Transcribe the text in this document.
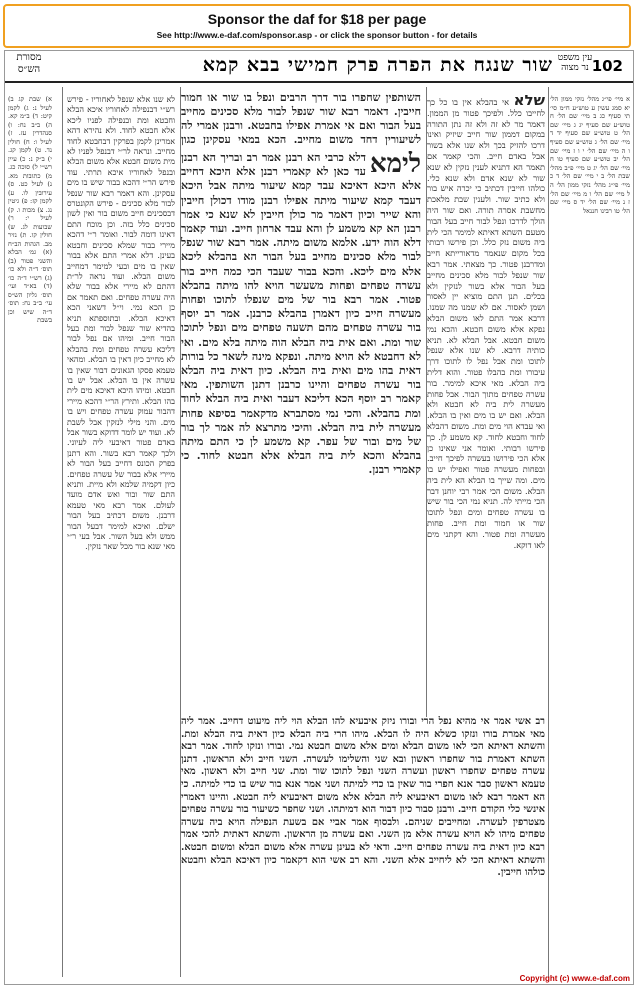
Sponsor the daf for $18 per page
See http://www.e-daf.com/sponsor.asp - or click the sponsor button - for details
102
שור שנגח את הפרה פרק חמישי בבא קמא עין משפט נר מצוה
מסורת הש״ס

א מיי׳ פי״ג מהל׳ נזקי ממון הל׳ יא סמג עשין ע טוש״ע ח״מ סי׳ תי סעיף כג ב מיי׳ שם הל׳ ח טוש״ע שם סעיף יג ג מיי׳ שם הל׳ ט טוש״ע שם סעיף יד ד מיי׳ שם הל׳ ג טוש״ע שם סעיף ו ה מיי׳ שם הל׳ י ו ז מיי׳ שם הל׳ יב טוש״ע שם סעיף טו ח מיי׳ שם הל׳ יג ט מיי׳ פ״ב מהל׳ שבת הל׳ ב י מיי׳ שם הל׳ ד כ מיי׳ פי״ג מהל׳ נזקי ממון הל׳ ה ל מיי׳ שם הל׳ ו מ מיי׳ שם הל׳ ז נ מיי׳ שם הל׳ יד ס מיי׳ שם הל׳ טו רבינו חננאל

שלא אי בהבלא אין בו כל כך לחייבו כלל. ולפיכך פטור מן הממון. דאמר מר לא זה ולא זה נתן התורה במקום דממון שור חייב שיזיק ואינו דרכו להזיק בכך ולא שנו אלא בשור אבל באדם חייב. והכי קאמר אם תאמר הא דתניא לענין נזקין לא שנא שור לא שנא אדם ולא שנא כלי. כולהו חייבין דכתיב כי יכרה איש בור ולא כתיב שור. ולענין שבת מלאכת מחשבת אסרה תורה. ואם שור היה הולך לדרכו ונפל לבור חייב בעל הבור מטעם השתא דאיתא למימר הכי לית ביה משום נזק כלל. וכן פירשו רבותי בכל מקום שנאמר מדאורייתא חייב ומדרבנן פטור. כך מצאתי. אמר רבא שור שנפל לבור מלא סכינים מחייב בעל הבור אלא בשור לנזקין ולא בכלים. תנן התם מוציא יין לאסור ושמן לאסור. אם לא שמנו מה שמנו. דרבא אמר התם לאו משום הבלא נפקא אלא משום חבטא. והכא נמי משום חבטא. אבל הבלא לא. תניא כותיה דרבא. לא שנו אלא שנפל לתוכו ומת אבל נפל לו לתוכו דרך עיבורו ומת בהבלו פטור. והוא דלית ביה הבלא. מאי איכא למימר. בור עשרה טפחים מתוך הבור. אבל פחות מעשרה לית ביה לא חבטא ולא הבלא. ואם יש בו מים ואין בו הבלא. ואי עבדא הוי מים ומת. משום דהבלא לחוד וחבטא לחוד. קא משמע לן. כך פירשו רבותי. ואומר אני שאינו כן אלא הכי פירושו בעשרה לפיכך חייב. ובפחות מעשרה פטור ואפילו יש בו מים. ומה שייך בו הבלא הא לית ביה הבלא. משום הכי אמר רבי יוחנן דבר הכי מייתי לה. תניא נמי הכי בור שיש בו עשרה טפחים ומים ונפל לתוכו שור או חמור ומת חייב. פחות מעשרה ומת פטור. והא דקתני מים לאו דוקא.
השותפין שחפרו בור דרך הרבים ונפל בו שור או חמור חייבין. דאמר רבא שור שנפל לבור מלא סכינים מחייב בעל הבור ואם אי אמרת אפילו בחבטא. ורבנן אמרי לה לשיעורין דחד משום מחייב. הכא במאי עסקינן כגון
לימא
דלא כרבי הא רבנן אמר רב ובריך הא רבנן עד כאן לא קאמרי רבנן אלא היכא דחייב אלא היכא דאיכא עבד קמא שיעור מיתה אבל היכא דעבד קמא שיעור מיתה אפילו רבנן מודו דכולן חייבין והא שייר וכיון דאמר מר כולן חייבין לא שנא כי אמר רבנן הא קא משמע לן והא עבד ארחון חייב. ועוד קאמר דלא הוה ידע. אלמא משום מיתה. אמר רבא שור שנפל לבור מלא סכינים מחייב בעל הבור הא בהבלא ליכא אלא מים ליכא. והכא בבור שעבד הכי כמה חייב בור עשרה טפחים ופחות משעשר הויא להו מיתה בהבלא פטור. אמר רבא בור של מים שנפלו לתוכו ופחות מעשרה חייב כיון דאמרן בהבלא כרבנן. אמר רב יוסף בור עשרה טפחים מהם תשעה טפחים מים ונפל לתוכו שור ומת. ואם אית ביה הבלא הוה מיתה בלא מים. ואי לא דחבטא לא הויא מיתה. ונפקא מינה לשאר כל בורות דאית בהו מים ואית ביה הבלא. כיון דאית ביה הבלא בור עשרה טפחים והיינו כרבנן דתנן השותפין. מאי קאמר רב יוסף הכא דליכא דעבר ואית ביה הבלא לחוד ומת בהבלא. והכי נמי מסתברא מדקאמר בסיפא פחות מעשרה לית ביה הבלא. והיכי מתרצא לה אמר לך בור של מים ובור של עפר. קא משמע לן כי התם מיתה בהבלא והכא לית ביה הבלא אלא חבטא לחוד. כי קאמרי רבנן.
רב אשי אמר אי מהיא נפל הרי ובורו ניזק איבעיא להו הבלא הוי ליה מיעוט דחייב. אמר ליה מאי אמרת בורו ונזקו כשלא היה לו הבלא. מיהו הרי ביה הבלא כיון דאית ביה הבלא ומת. והשתא דאיתא הכי לאו משום הבלא ומים אלא משום חבטא נמי. ובורו ונזקו לחוד. אמר רבא השתא דאמרת בור שחפרו ראשון ובא שני והשלימו לעשרה. השני חייב ולא הראשון. דתנן עשרה טפחים שחפרו ראשון ועשרה השני ונפל לתוכו שור ומת. שני חייב ולא ראשון. מאי טעמא ראשון סבר אנא חפרי בור שאין בו כדי למיתה ושני אמר אנא בור שיש בו כדי למיתה. כי הא דאמר רבא לאו משום דאיבעיא ליה הבלא אלא משום דאיבעיא ליה חבטא. והיינו דאמרי אינשי כלי הקודם חייב. ורבנן סבור כיון דבור הוא דמיתהו. ושני שחפר כשיעור בור עשרה טפחים מצטרפין לעשרה. ומחייבים שניהם. ולבסוף אמר אביי אם בשעת הנפילה הויא ביה עשרה טפחים מיהו לא הויא עשרה אלא מן השני. ואם עשרה מן הראשון. והשתא דאתית להכי אמר רבא כיון דאית ביה עשרה טפחים חייב. ודאי לא בעינן עשרה אלא משום הבלא ומשום חבטא. והשתא דאיתא הכי לא ליחייב אלא השני. והא רב אשי הוא דקאמר כיון דאיכא הבלא וחבטא כולהו חייבין.
לא שנו אלא שנפל לאחוריו - פירש רש״י דבנפילה לאחוריו איכא הבלא וחבטא ומת ובנפילה לפניו ליכא אלא חבטא לחוד. ולא נהירא דהא אמרינן לקמן בפרקין דבחבטא לחוד מחייב. ונראה לר״י דבנפל לפניו לא מית משום חבטא אלא משום הבלא ובנפל לאחוריו איכא תרתי. עוד פירש הר״י דהכא בבור שיש בו מים עסקינן. והא דאמר רבא שור שנפל לבור מלא סכינים - פירש הקונטרס דבסכינים חייב משום בור ואין לשון סכינים כלל בזה. וכן מוכח התם דאינו דומה לבור. ואומר ר״י דהכא מיירי בבור שמלא סכינים וחבטא בעינן. דלא אמרי התם אלא בבור שאין בו מים ובעי למימר דמחייב משום הבלא. ועוד נראה לר״ת דהתם לא מיירי אלא בבור שלא היה עשרה טפחים. ואם תאמר אם כן הכא נמי. וי״ל דשאני הכא דאיכא הבלא. ובתוספתא תניא בהדיא שור שנפל לבור ומת בעל הבור חייב. ומיהו אם נפל לבור דליכא עשרה טפחים ומת בהבלא לא מחייב כיון דאין בו הבלא. ומהאי טעמא פסקו הגאונים דבור שאין בו עשרה אין בו הבלא. אבל יש בו חבטא. ומיהו היכא דאיכא מים לית בהו הבלא. ותירץ הר״י דהכא מיירי דהבור עמוק עשרה טפחים ויש בו מים. והני מילי לנזקין אבל לשבת לא. ועוד יש לומר דדוקא בשור אבל באדם פטור דאיבעי ליה לעיוני. ולכך קאמר רבא בשור. והא דתנן בפרק הכונס דחייב בעל הבור לא מיירי אלא בבור של עשרה טפחים. כיון דקמיה שלמא ולא מיית. ותניא התם שור ובור ואש אדם מועד לעולם. אמר רבא מאי טעמא דרבנן. משום דכתיב בעל הבור ישלם. ואיכא למימר דבעל הבור ממש ולא בעל השור. אבל בעי ר״י מאי שנא בור מכל שאר נזקין.
א) שבת קג ב) לעיל נ: ג) לקמן קיט: ד) ב״מ קא. ה) ב״ב נח: ו) סנהדרין עז. ז) לעיל ו: ח) חולין נד. ט) לקמן קג. י) ב״ק נ: כ) עיין רש״י ל) סוכה כג. מ) כתובות מא. נ) לעיל כט. ס) עירובין לו. ע) לקמן קז: פ) גיטין נג. צ) מכות ו. ק) לעיל י: ר) שבועות לג. ש) חולין קו. ת) נזיר מב. הגהות הב״ח (א) גמ׳ הבלא והשני פטור (ב) תוס׳ ד״ה ולא כו׳ (ג) רש״י ד״ה כו׳ (ד) בא״ד ועי׳ תוס׳ גליון הש״ס עי׳ ב״ב נח: תוס׳ ד״ה שיש וכן בשבת
Copyright (c) www.e-daf.com
